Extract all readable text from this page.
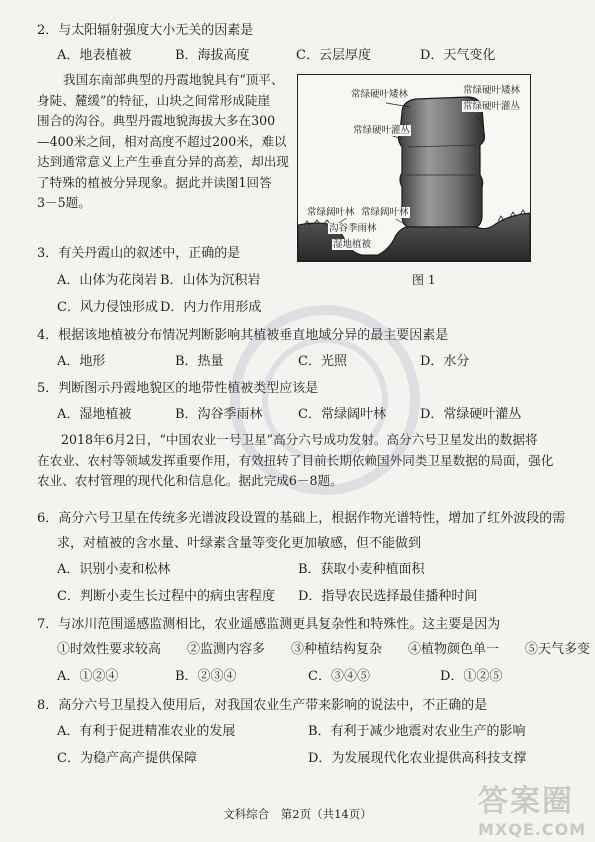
2．与太阳辐射强度大小无关的因素是
A．地表植被	B．海拔高度	C．云层厚度	D．天气变化
我国东南部典型的丹霞地貌具有“顶平、
身陡、麓缓”的特征，山块之间常形成陡崖
围合的沟谷。典型丹霞地貌海拔大多在300
—400米之间，相对高度不超过200米，难以
达到通常意义上产生垂直分异的高差，却出现
了特殊的植被分异现象。据此并读图1回答
3－5题。
常绿硬叶矮林	常绿硬叶矮林
常绿硬叶灌丛
常绿硬叶灌丛
常绿阔叶林 常绿阔叶林
沟谷季雨林
湿地植被
图 1
3．有关丹霞山的叙述中，正确的是
A．山体为花岗岩 B．山体为沉积岩
C．风力侵蚀形成 D．内力作用形成
4．根据该地植被分布情况判断影响其植被垂直地域分异的最主要因素是
A．地形	B．热量	C．光照	D．水分
5．判断图示丹霞地貌区的地带性植被类型应该是
A．湿地植被	B．沟谷季雨林	C．常绿阔叶林	D．常绿硬叶灌丛
2018年6月2日，“中国农业一号卫星”高分六号成功发射。高分六号卫星发出的数据将
在农业、农村等领域发挥重要作用，有效扭转了目前长期依赖国外同类卫星数据的局面，强化
农业、农村管理的现代化和信息化。据此完成6－8题。
6．高分六号卫星在传统多光谱波段设置的基础上，根据作物光谱特性，增加了红外波段的需
求，对植被的含水量、叶绿素含量等变化更加敏感，但不能做到
A．识别小麦和松林	B．获取小麦种植面积
C．判断小麦生长过程中的病虫害程度 D．指导农民选择最佳播种时间
7．与冰川范围遥感监测相比，农业遥感监测更具复杂性和特殊性。这主要是因为
①时效性要求较高　　②监测内容多　　③种植结构复杂　　④植物颜色单一　　⑤天气多变
A．①②④	B．②③④	C．③④⑤	D．①②⑤
8．高分六号卫星投入使用后，对我国农业生产带来影响的说法中，不正确的是
A．有利于促进精准农业的发展	B．有利于减少地震对农业生产的影响
C．为稳产高产提供保障	D．为发展现代化农业提供高科技支撑
文科综合　第2页（共14页）	答案圈
MXQE.COM
